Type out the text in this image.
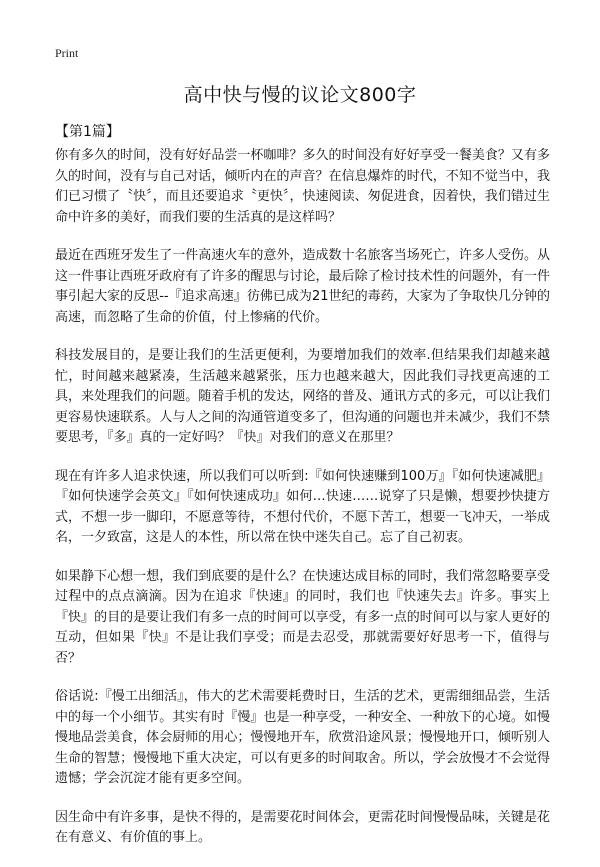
Print
高中快与慢的议论文800字
【第1篇】

你有多久的时间，没有好好品尝一杯咖啡？多久的时间没有好好享受一餐美食？又有多久的时间，没有与自己对话，倾听内在的声音？在信息爆炸的时代，不知不觉当中，我们已习惯了〝快〞，而且还要追求〝更快〞，快速阅读、匆促进食，因着快，我们错过生命中许多的美好，而我们要的生活真的是这样吗？

最近在西班牙发生了一件高速火车的意外，造成数十名旅客当场死亡，许多人受伤。从这一件事让西班牙政府有了许多的醒思与讨论，最后除了检讨技术性的问题外，有一件事引起大家的反思--『追求高速』彷佛已成为21世纪的毒药，大家为了争取快几分钟的高速，而忽略了生命的价值，付上惨痛的代价。

科技发展目的，是要让我们的生活更便利，为要增加我们的效率.但结果我们却越来越忙，时间越来越紧凑，生活越来越紧张，压力也越来越大，因此我们寻找更高速的工具，来处理我们的问题。随着手机的发达，网络的普及、通讯方式的多元，可以让我们更容易快速联系。人与人之间的沟通管道变多了，但沟通的问题也并未减少，我们不禁要思考，『多』真的一定好吗？『快』对我们的意义在那里？

现在有许多人追求快速，所以我们可以听到:『如何快速赚到100万』『如何快速减肥』『如何快速学会英文』『如何快速成功』如何…快速……说穿了只是懒，想要抄快捷方式，不想一步一脚印，不愿意等待，不想付代价，不愿下苦工，想要一飞冲天，一举成名，一夕致富，这是人的本性，所以常在快中迷失自己。忘了自己初衷。

如果静下心想一想，我们到底要的是什么？在快速达成目标的同时，我们常忽略要享受过程中的点点滴滴。因为在追求『快速』的同时，我们也『快速失去』许多。事实上『快』的目的是要让我们有多一点的时间可以享受，有多一点的时间可以与家人更好的互动，但如果『快』不是让我们享受；而是去忍受，那就需要好好思考一下，值得与否？

俗话说:『慢工出细活』，伟大的艺术需要耗费时日，生活的艺术，更需细细品尝，生活中的每一个小细节。其实有时『慢』也是一种享受，一种安全、一种放下的心境。如慢慢地品尝美食，体会厨师的用心；慢慢地开车，欣赏沿途风景；慢慢地开口，倾听别人生命的智慧；慢慢地下重大决定，可以有更多的时间取舍。所以，学会放慢才不会觉得遗憾；学会沉淀才能有更多空间。

因生命中有许多事，是快不得的，是需要花时间体会，更需花时间慢慢品味，关键是花在有意义、有价值的事上。
